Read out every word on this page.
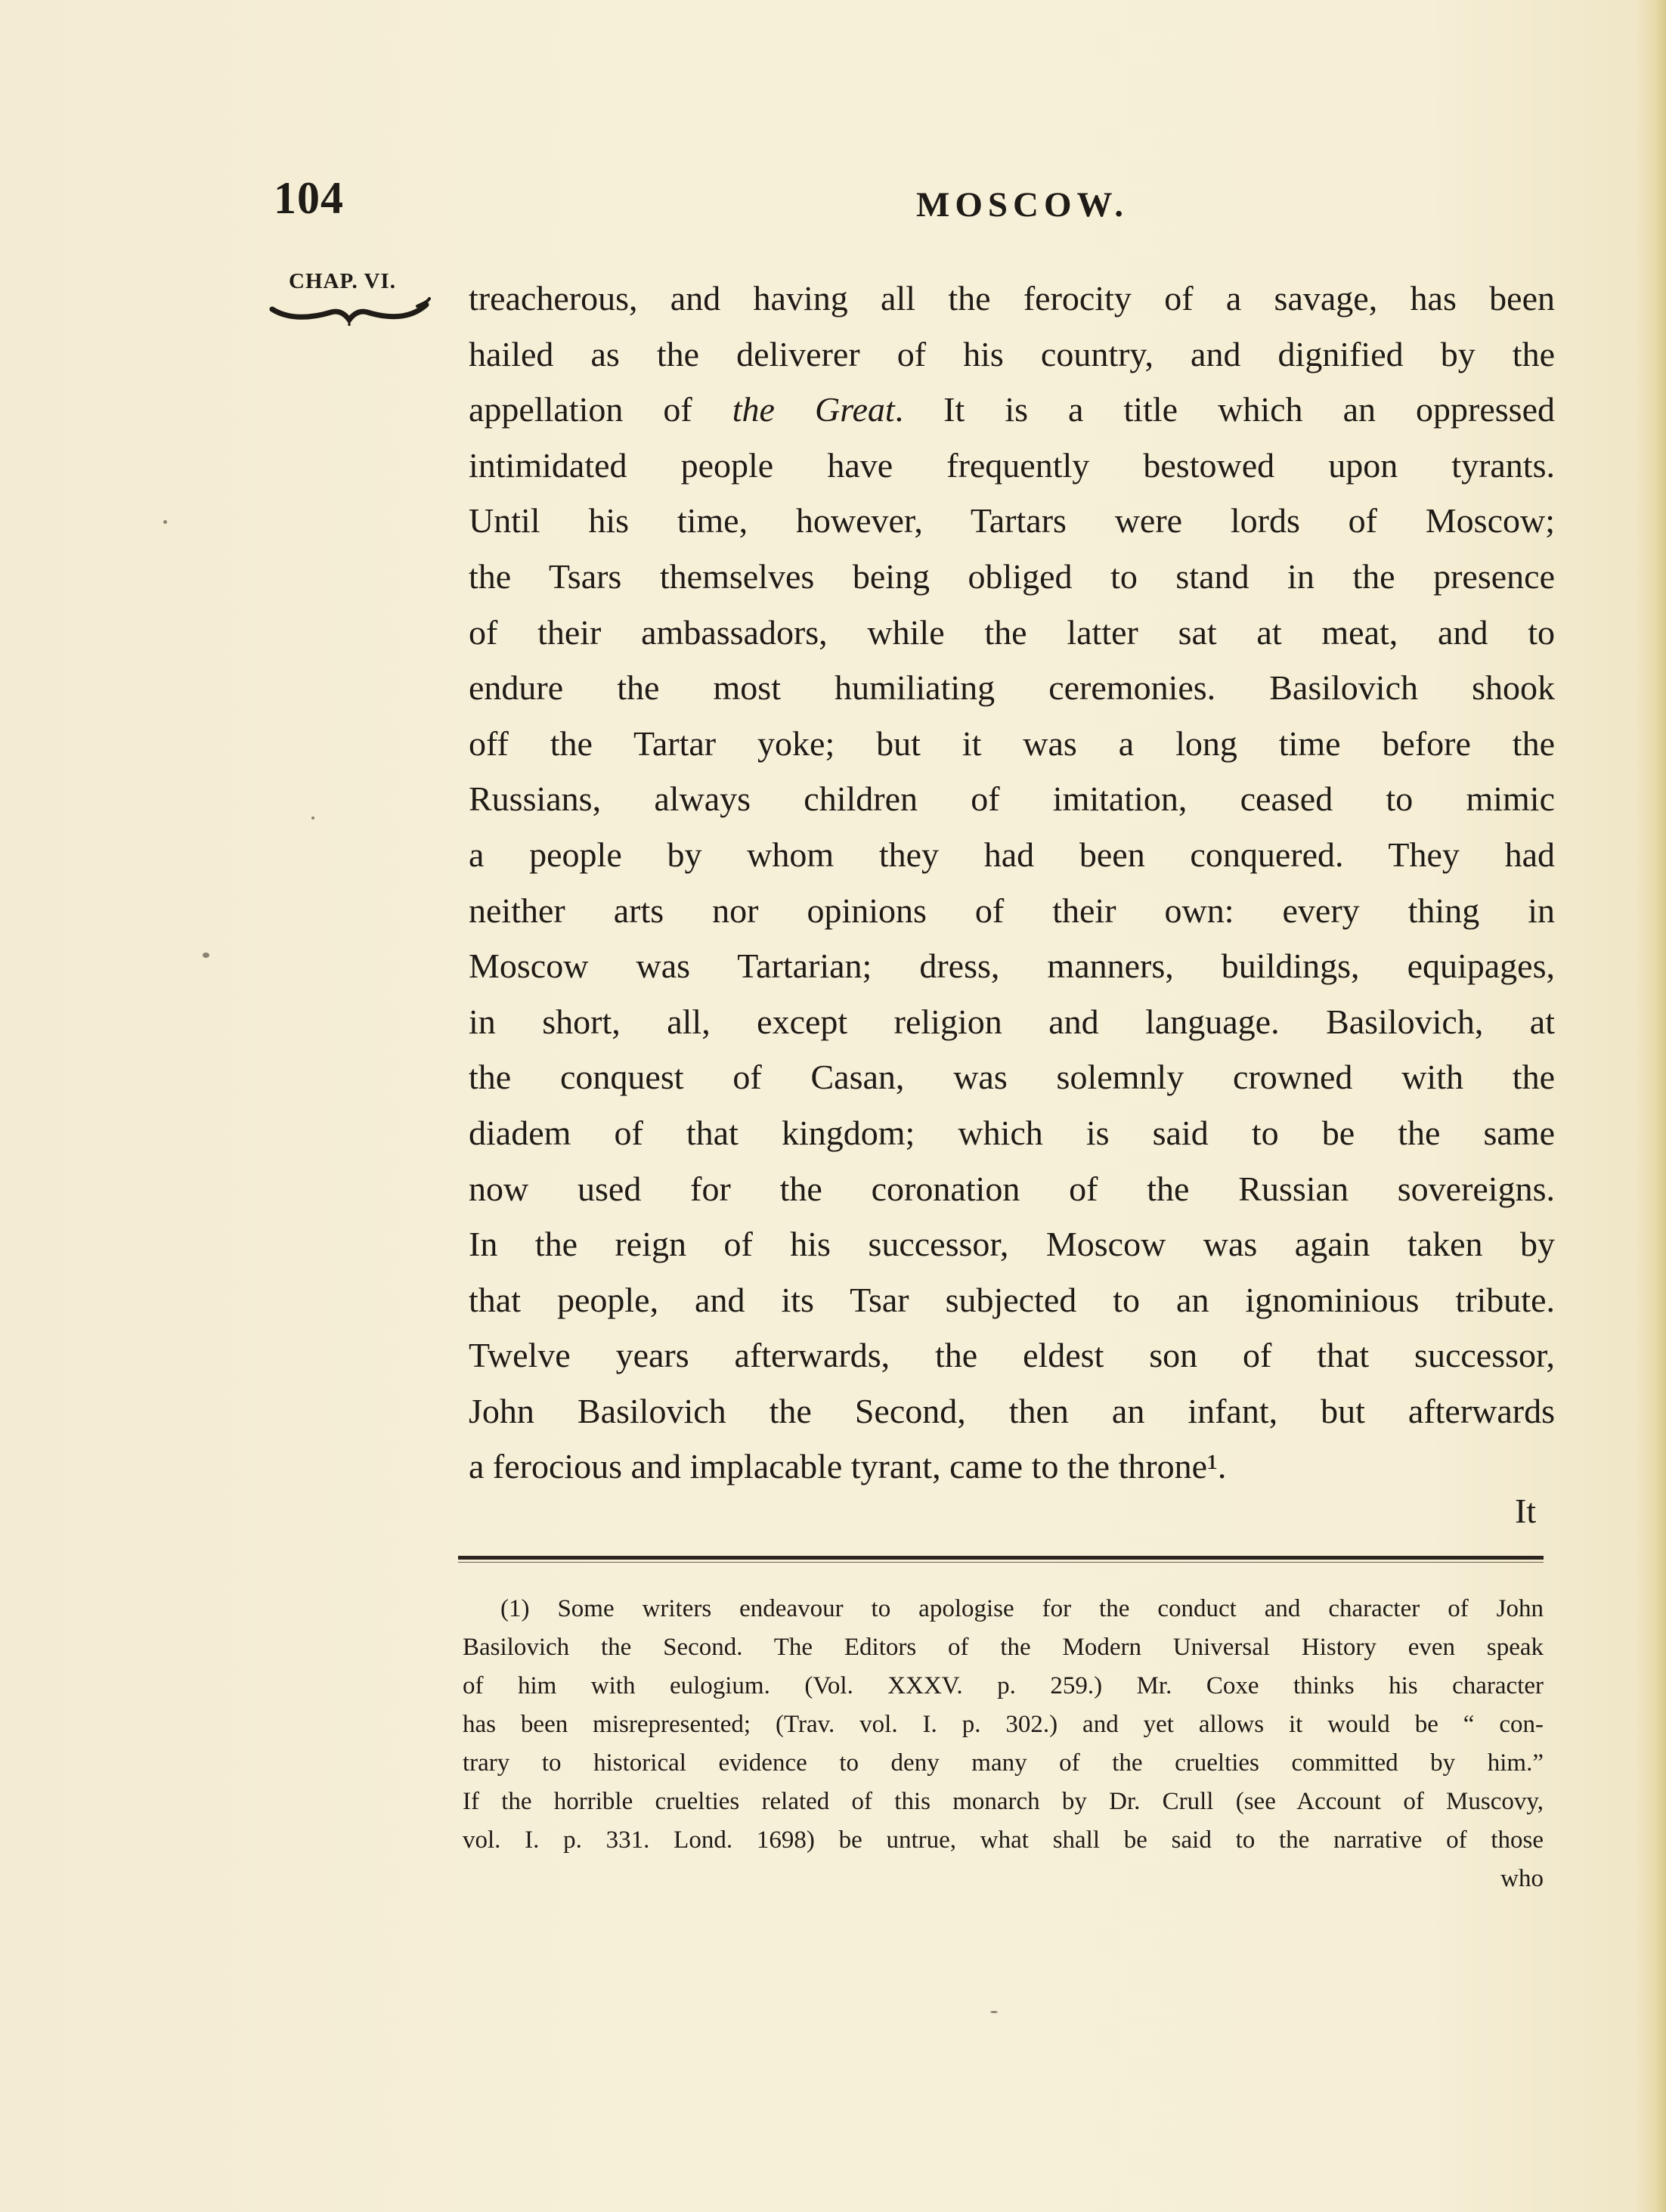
104	MOSCOW.
CHAP. VI.	treacherous, and having all the ferocity of a savage, has been
hailed as the deliverer of his country, and dignified by the
appellation of the Great. It is a title which an oppressed
intimidated people have frequently bestowed upon tyrants.
Until his time, however, Tartars were lords of Moscow;
the Tsars themselves being obliged to stand in the presence
of their ambassadors, while the latter sat at meat, and to
endure the most humiliating ceremonies. Basilovich shook
off the Tartar yoke; but it was a long time before the
Russians, always children of imitation, ceased to mimic
a people by whom they had been conquered. They had
neither arts nor opinions of their own: every thing in
Moscow was Tartarian; dress, manners, buildings, equipages,
in short, all, except religion and language. Basilovich, at
the conquest of Casan, was solemnly crowned with the
diadem of that kingdom; which is said to be the same
now used for the coronation of the Russian sovereigns.
In the reign of his successor, Moscow was again taken by
that people, and its Tsar subjected to an ignominious tribute.
Twelve years afterwards, the eldest son of that successor,
John Basilovich the Second, then an infant, but afterwards
a ferocious and implacable tyrant, came to the throne¹.
It
(1) Some writers endeavour to apologise for the conduct and character of John
Basilovich the Second. The Editors of the Modern Universal History even speak
of him with eulogium. (Vol. XXXV. p. 259.) Mr. Coxe thinks his character
has been misrepresented; (Trav. vol. I. p. 302.) and yet allows it would be “ con-
trary to historical evidence to deny many of the cruelties committed by him.”
If the horrible cruelties related of this monarch by Dr. Crull (see Account of Muscovy,
vol. I. p. 331. Lond. 1698) be untrue, what shall be said to the narrative of those
who
